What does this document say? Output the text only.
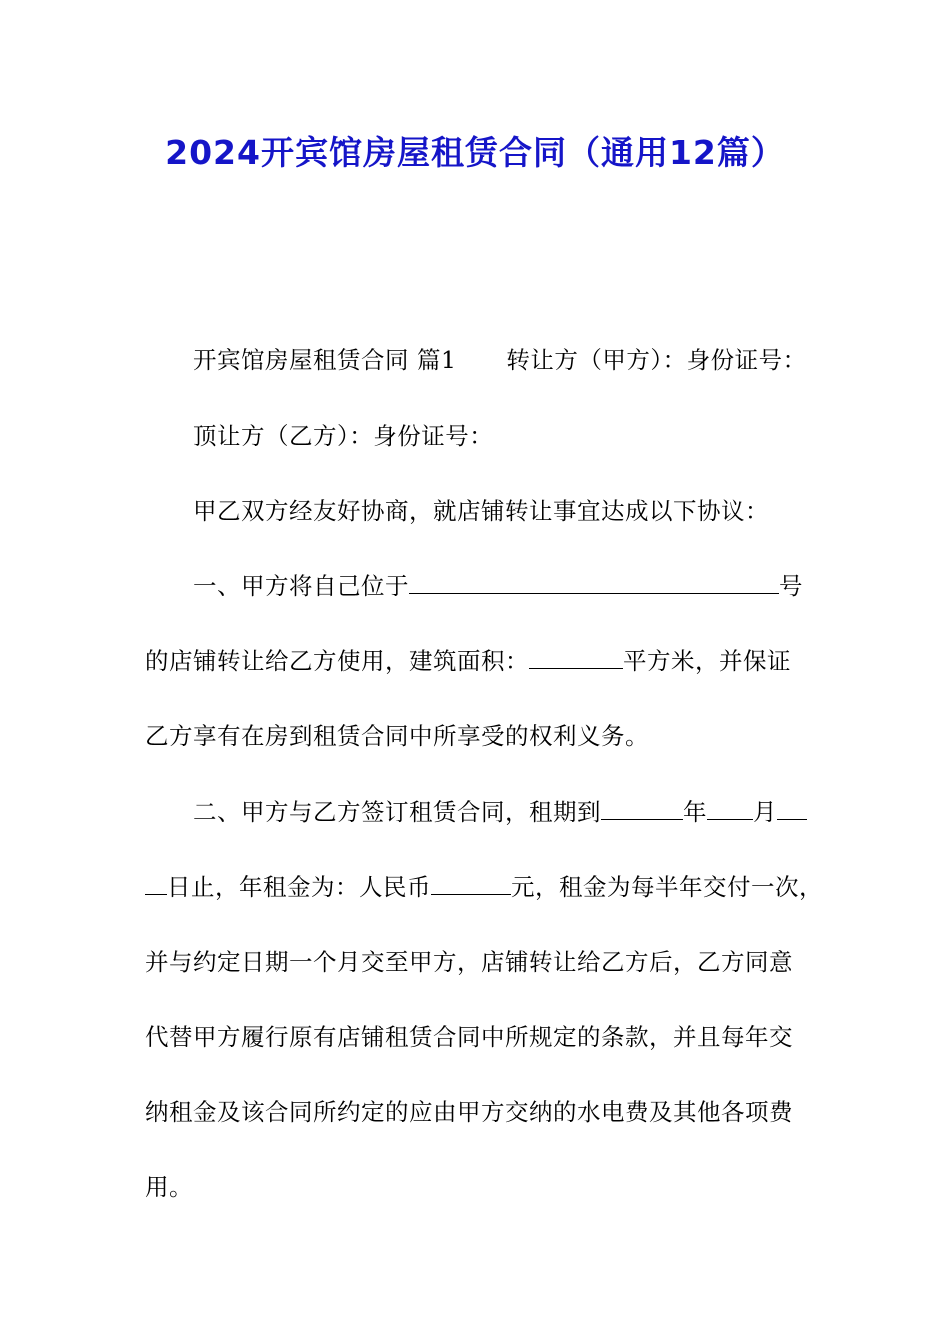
2024开宾馆房屋租赁合同（通用12篇）
开宾馆房屋租赁合同 篇1 转让方（甲方）：身份证号：
顶让方（乙方）：身份证号：
甲乙双方经友好协商，就店铺转让事宜达成以下协议：
一、甲方将自己位于	号
的店铺转让给乙方使用，建筑面积：	平方米，并保证
乙方享有在房到租赁合同中所享受的权利义务。
二、甲方与乙方签订租赁合同，租期到	年 月
日止，年租金为：人民币	元，租金为每半年交付一次，
并与约定日期一个月交至甲方，店铺转让给乙方后，乙方同意
代替甲方履行原有店铺租赁合同中所规定的条款，并且每年交
纳租金及该合同所约定的应由甲方交纳的水电费及其他各项费
用。
